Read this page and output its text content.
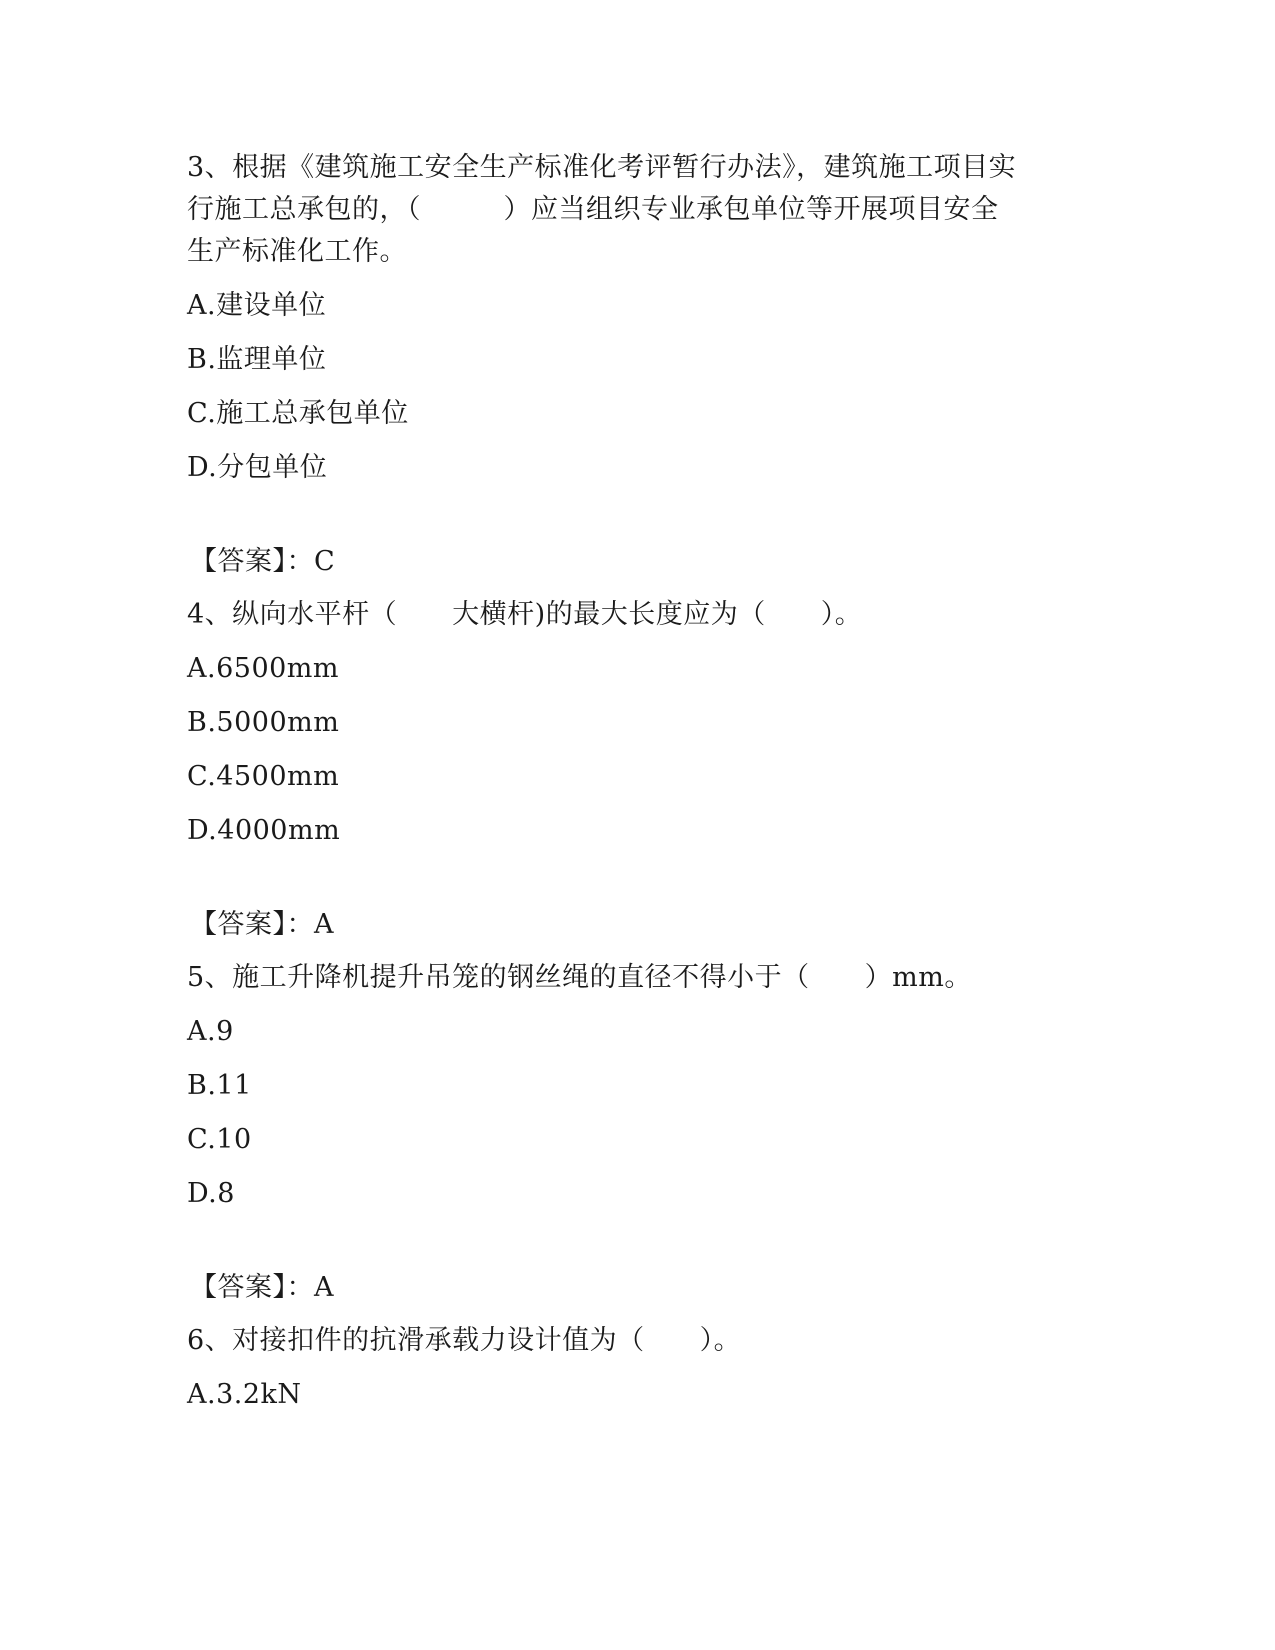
3、根据《建筑施工安全生产标准化考评暂行办法》，建筑施工项目实
行施工总承包的，（　　　）应当组织专业承包单位等开展项目安全
生产标准化工作。
A.建设单位
B.监理单位
C.施工总承包单位
D.分包单位
【答案】：C
4、纵向水平杆（　　大横杆)的最大长度应为（　　）。
A.6500mm
B.5000mm
C.4500mm
D.4000mm
【答案】：A
5、施工升降机提升吊笼的钢丝绳的直径不得小于（　　）mm。
A.9
B.11
C.10
D.8
【答案】：A
6、对接扣件的抗滑承载力设计值为（　　）。
A.3.2kN
